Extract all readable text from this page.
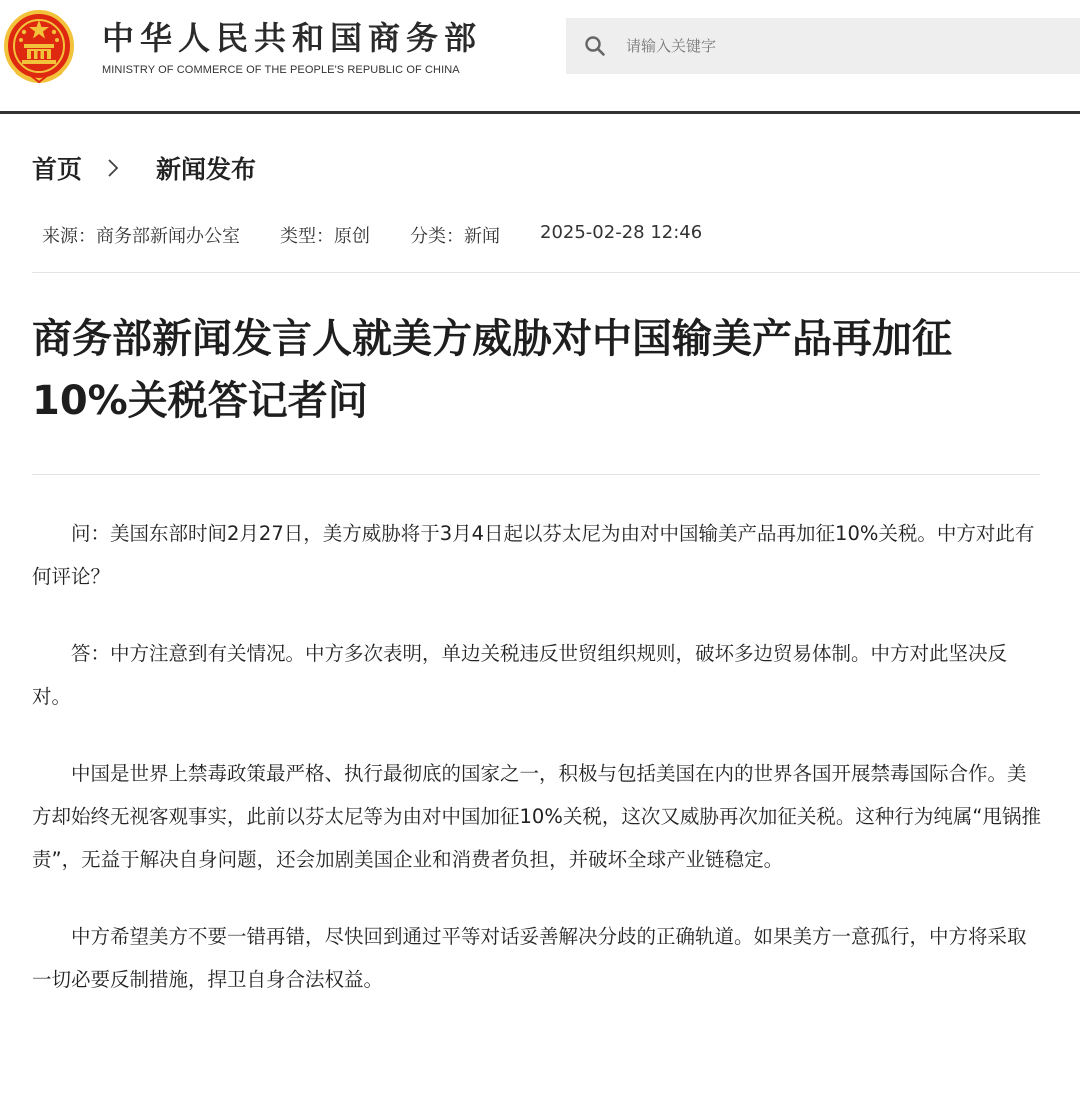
中华人民共和国商务部
MINISTRY OF COMMERCE OF THE PEOPLE'S REPUBLIC OF CHINA
请输入关键字
首页	新闻发布
来源：商务部新闻办公室 类型：原创 分类：新闻 2025-02-28 12:46
商务部新闻发言人就美方威胁对中国输美产品再加征10%关税答记者问

问：美国东部时间2月27日，美方威胁将于3月4日起以芬太尼为由对中国输美产品再加征10%关税。中方对此有何评论？

答：中方注意到有关情况。中方多次表明，单边关税违反世贸组织规则，破坏多边贸易体制。中方对此坚决反对。

中国是世界上禁毒政策最严格、执行最彻底的国家之一，积极与包括美国在内的世界各国开展禁毒国际合作。美方却始终无视客观事实，此前以芬太尼等为由对中国加征10%关税，这次又威胁再次加征关税。这种行为纯属“甩锅推责”，无益于解决自身问题，还会加剧美国企业和消费者负担，并破坏全球产业链稳定。

中方希望美方不要一错再错，尽快回到通过平等对话妥善解决分歧的正确轨道。如果美方一意孤行，中方将采取一切必要反制措施，捍卫自身合法权益。
